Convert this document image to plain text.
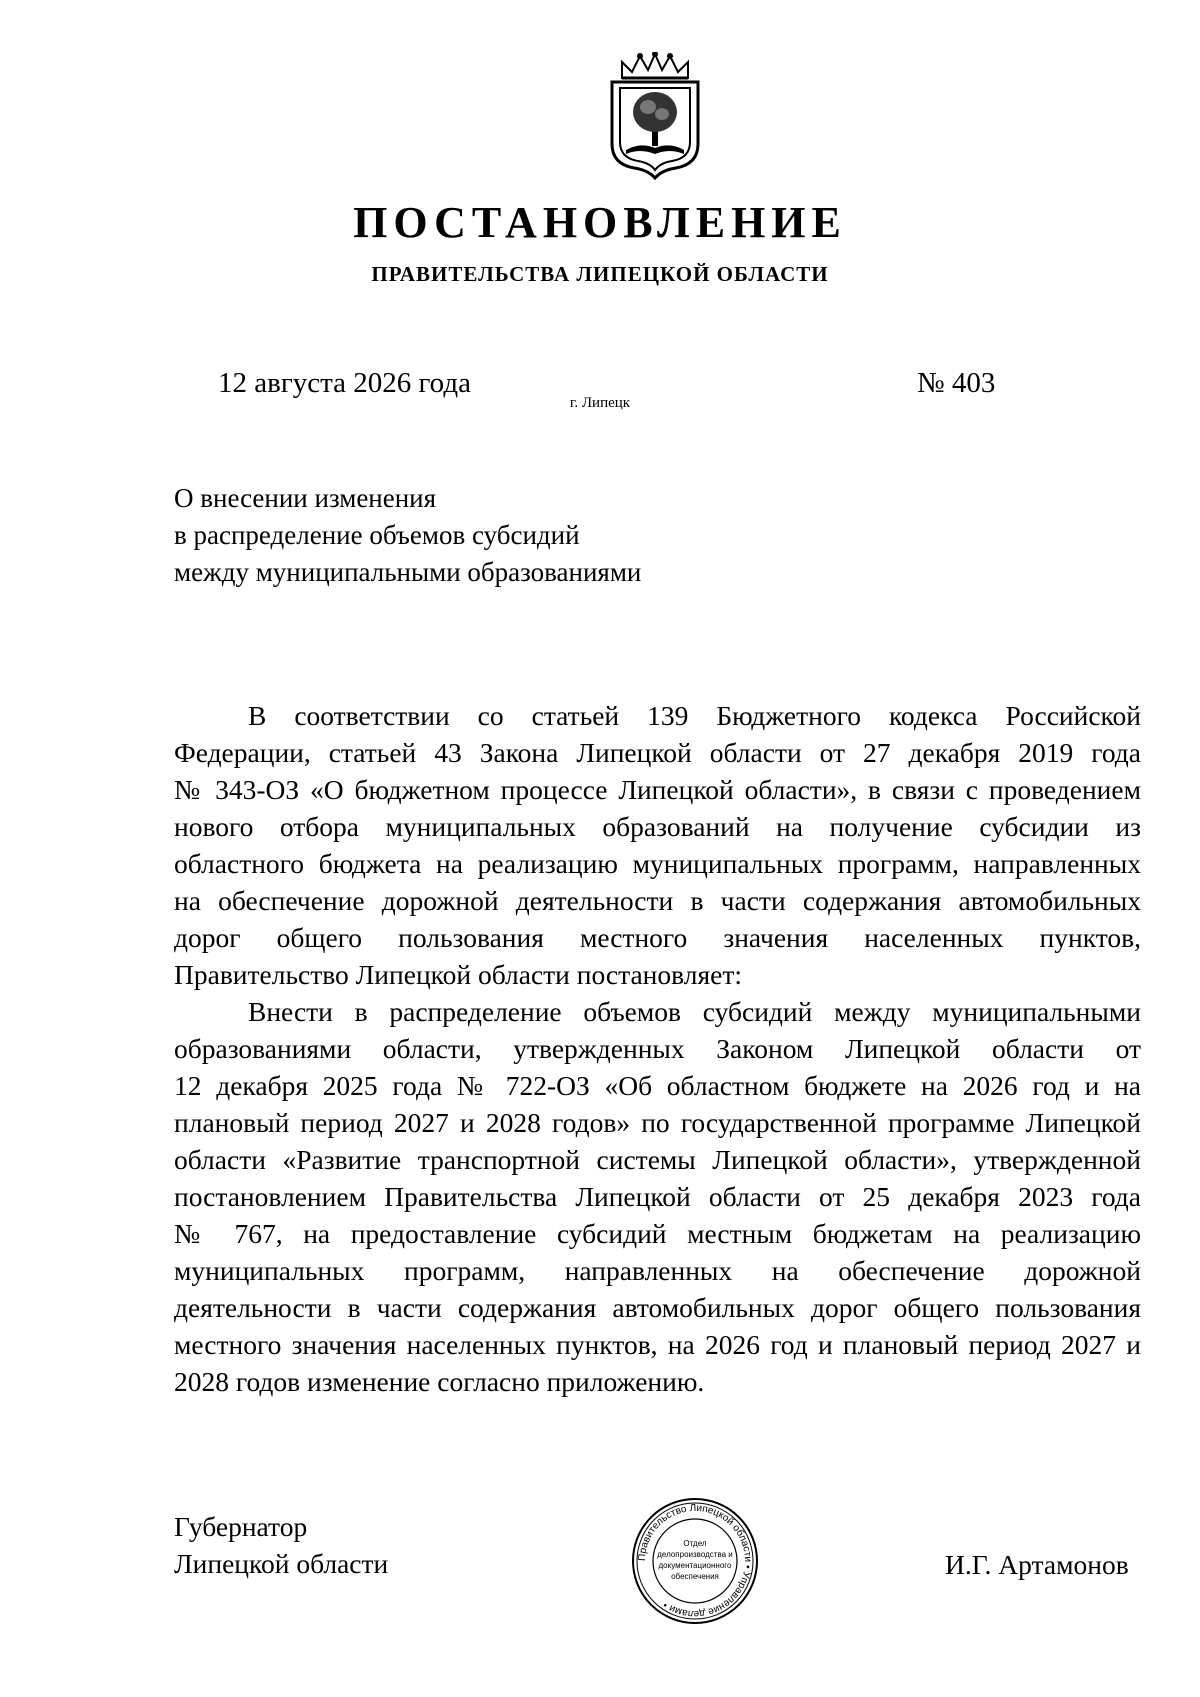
ПОСТАНОВЛЕНИЕ
ПРАВИТЕЛЬСТВА ЛИПЕЦКОЙ ОБЛАСТИ
12 августа 2026 года
г. Липецк
№ 403
О внесении изменения
в распределение объемов субсидий
между муниципальными образованиями
В соответствии со статьей 139 Бюджетного кодекса Российской
Федерации, статьей 43 Закона Липецкой области от 27 декабря 2019 года
№ 343-ОЗ «О бюджетном процессе Липецкой области», в связи с проведением
нового отбора муниципальных образований на получение субсидии из
областного бюджета на реализацию муниципальных программ, направленных
на обеспечение дорожной деятельности в части содержания автомобильных
дорог общего пользования местного значения населенных пунктов,
Правительство Липецкой области постановляет:
Внести в распределение объемов субсидий между муниципальными
образованиями области, утвержденных Законом Липецкой области от
12 декабря 2025 года № 722-ОЗ «Об областном бюджете на 2026 год и на
плановый период 2027 и 2028 годов» по государственной программе Липецкой
области «Развитие транспортной системы Липецкой области», утвержденной
постановлением Правительства Липецкой области от 25 декабря 2023 года
№ 767, на предоставление субсидий местным бюджетам на реализацию
муниципальных программ, направленных на обеспечение дорожной
деятельности в части содержания автомобильных дорог общего пользования
местного значения населенных пунктов, на 2026 год и плановый период 2027 и
2028 годов изменение согласно приложению.
Губернатор
Липецкой области	Правительство Липецкой области • Управление делами •
Отдел
делопроизводства и
документационного
обеспечения	И.Г. Артамонов
